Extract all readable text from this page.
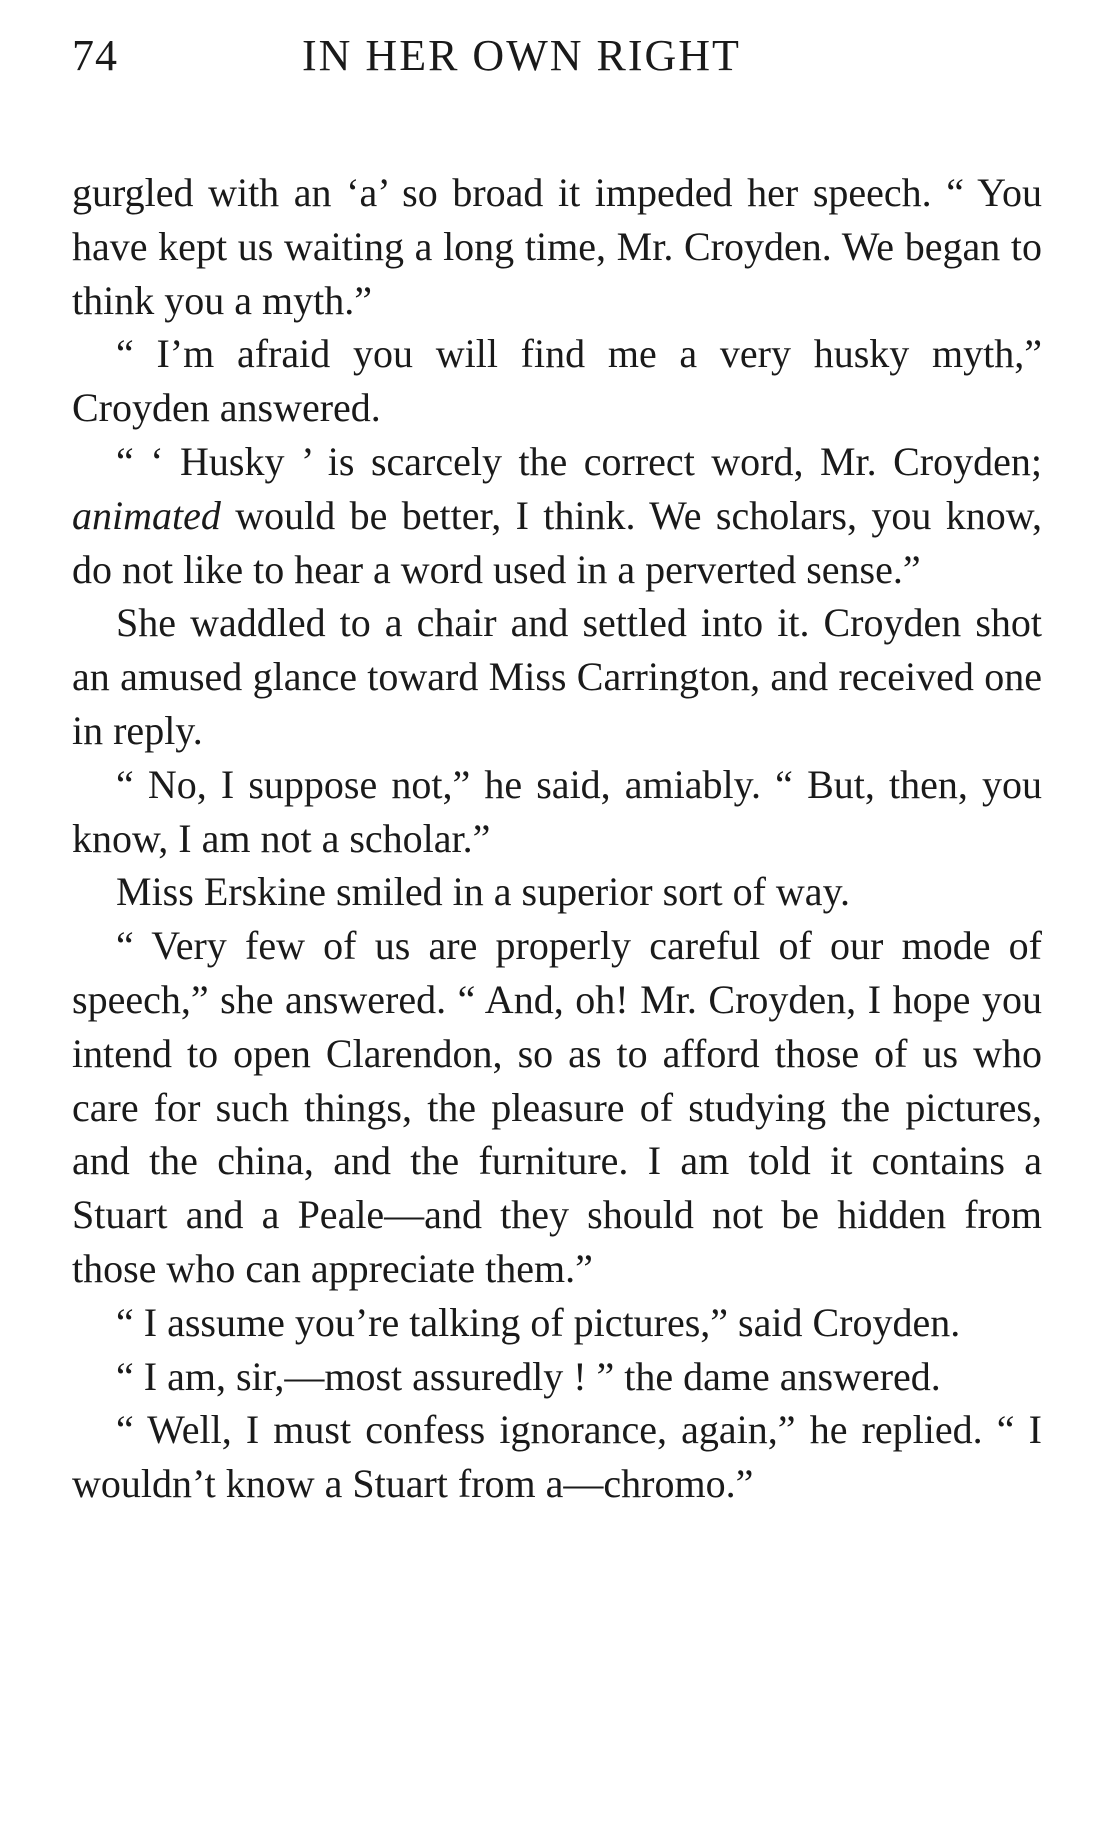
74	IN HER OWN RIGHT

gurgled with an ‘a’ so broad it impeded her speech. “ You have kept us waiting a long time, Mr. Croyden. We began to think you a myth.”

“ I’m afraid you will find me a very husky myth,” Croyden answered.

“ ‘ Husky ’ is scarcely the correct word, Mr. Croyden; animated would be better, I think. We scholars, you know, do not like to hear a word used in a perverted sense.”

She waddled to a chair and settled into it. Croyden shot an amused glance toward Miss Carrington, and received one in reply.

“ No, I suppose not,” he said, amiably. “ But, then, you know, I am not a scholar.”

Miss Erskine smiled in a superior sort of way.

“ Very few of us are properly careful of our mode of speech,” she answered. “ And, oh! Mr. Croyden, I hope you intend to open Clarendon, so as to afford those of us who care for such things, the pleasure of studying the pictures, and the china, and the furniture. I am told it contains a Stuart and a Peale—and they should not be hidden from those who can appreciate them.”

“ I assume you’re talking of pictures,” said Croyden.

“ I am, sir,—most assuredly ! ” the dame answered.

“ Well, I must confess ignorance, again,” he replied. “ I wouldn’t know a Stuart from a—chromo.”
